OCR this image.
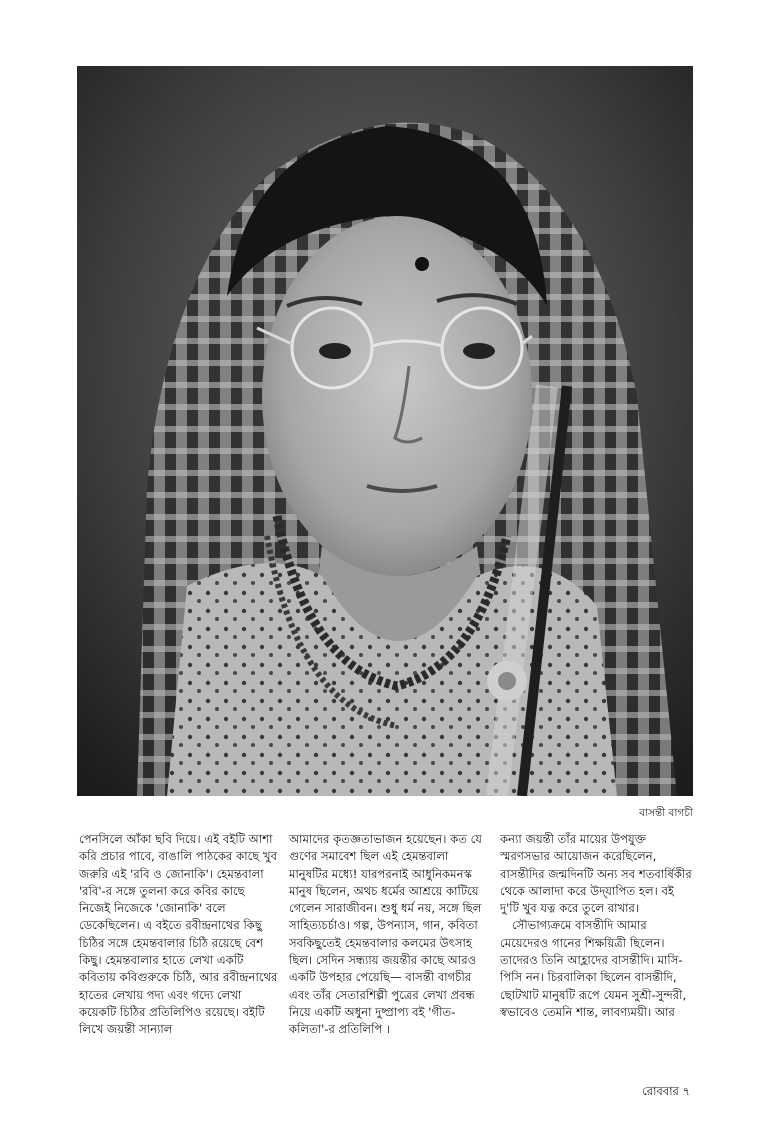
বাসন্তী বাগচী

পেনসিলে আঁকা ছবি দিয়ে। এই বইটি আশা করি প্রচার পাবে, বাঙালি পাঠকের কাছে খুব জরুরি এই 'রবি ও জোনাকি'। হেমন্তবালা 'রবি'-র সঙ্গে তুলনা করে কবির কাছে নিজেই নিজেকে 'জোনাকি' বলে ডেকেছিলেন। এ বইতে রবীন্দ্রনাথের কিছু চিঠির সঙ্গে হেমন্তবালার চিঠি রয়েছে বেশ কিছু। হেমন্তবালার হাতে লেখা একটি কবিতায় কবিগুরুকে চিঠি, আর রবীন্দ্রনাথের হাতের লেখায় পদ্য এবং গদ্যে লেখা কয়েকটি চিঠির প্রতিলিপিও রয়েছে। বইটি লিখে জয়ন্তী সান্যাল

আমাদের কৃতজ্ঞতাভাজন হয়েছেন। কত যে গুণের সমাবেশ ছিল এই হেমন্তবালা মানুষটির মধ্যে! যারপরনাই আধুনিকমনস্ক মানুষ ছিলেন, অথচ ধর্মের আশ্রয়ে কাটিয়ে গেলেন সারাজীবন। শুধু ধর্ম নয়, সঙ্গে ছিল সাহিত্যচর্চাও। গল্প, উপন্যাস, গান, কবিতা সবকিছুতেই হেমন্তবালার কলমের উৎসাহ ছিল। সেদিন সন্ধ্যায় জয়ন্তীর কাছে আরও একটি উপহার পেয়েছি— বাসন্তী বাগচীর এবং তাঁর সেতারশিল্পী পুত্রের লেখা প্রবন্ধ নিয়ে একটি অধুনা দুষ্প্রাপ্য বই 'গীত-কলিতা'-র প্রতিলিপি ।

কন্যা জয়ন্তী তাঁর মায়ের উপযুক্ত স্মরণসভার আয়োজন করেছিলেন, বাসন্তীদির জন্মদিনটি অন্য সব শতবার্ষিকীর থেকে আলাদা করে উদ্‌যাপিত হল। বই দু'টি খুব যত্ন করে তুলে রাখার।

সৌভাগ্যক্রমে বাসন্তীদি আমার মেয়েদেরও গানের শিক্ষয়িত্রী ছিলেন। তাদেরও তিনি আহ্লাদের বাসন্তীদি। মাসি-পিসি নন। চিরবালিকা ছিলেন বাসন্তীদি, ছোটখাট মানুষটি রূপে যেমন সুশ্রী-সুন্দরী, স্বভাবেও তেমনি শান্ত, লাবণ্যময়ী। আর

রোববার ৭
